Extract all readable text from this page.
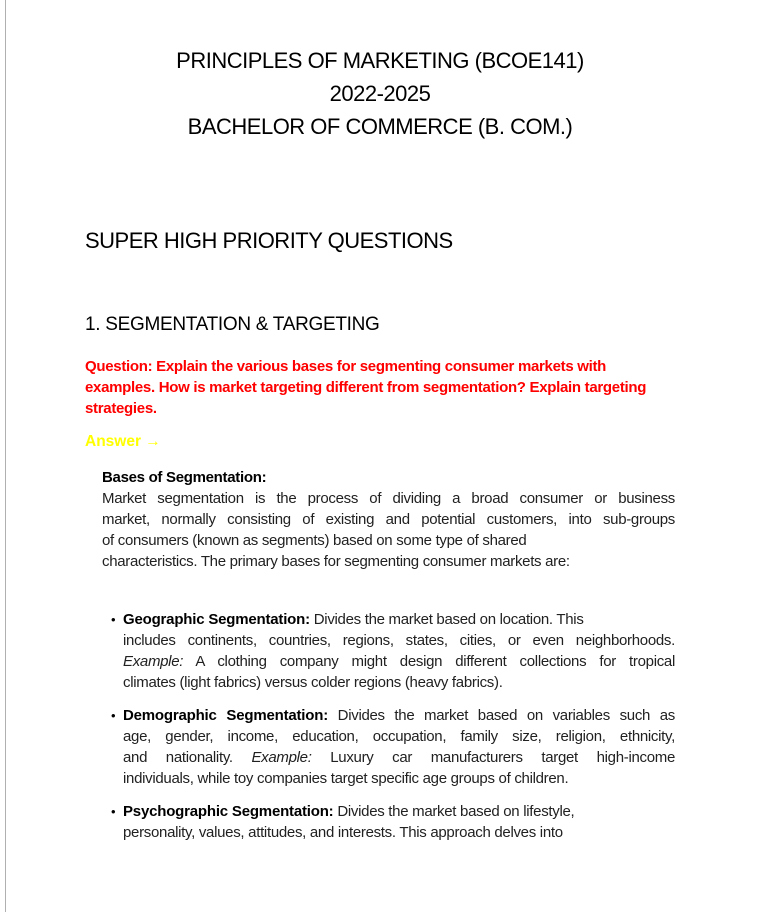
PRINCIPLES OF MARKETING (BCOE141)
2022-2025
BACHELOR OF COMMERCE (B. COM.)
SUPER HIGH PRIORITY QUESTIONS
1. SEGMENTATION & TARGETING

Question: Explain the various bases for segmenting consumer markets with examples. How is market targeting different from segmentation? Explain targeting strategies.

Answer →

Bases of Segmentation:

Market segmentation is the process of dividing a broad consumer or business
market, normally consisting of existing and potential customers, into sub-groups
of consumers (known as segments) based on some type of shared
characteristics. The primary bases for segmenting consumer markets are:
• Geographic Segmentation: Divides the market based on location. This
includes continents, countries, regions, states, cities, or even neighborhoods.
Example: A clothing company might design different collections for tropical
climates (light fabrics) versus colder regions (heavy fabrics).
• Demographic Segmentation: Divides the market based on variables such as
age, gender, income, education, occupation, family size, religion, ethnicity,
and nationality. Example: Luxury car manufacturers target high-income
individuals, while toy companies target specific age groups of children.
• Psychographic Segmentation: Divides the market based on lifestyle,
personality, values, attitudes, and interests. This approach delves into
